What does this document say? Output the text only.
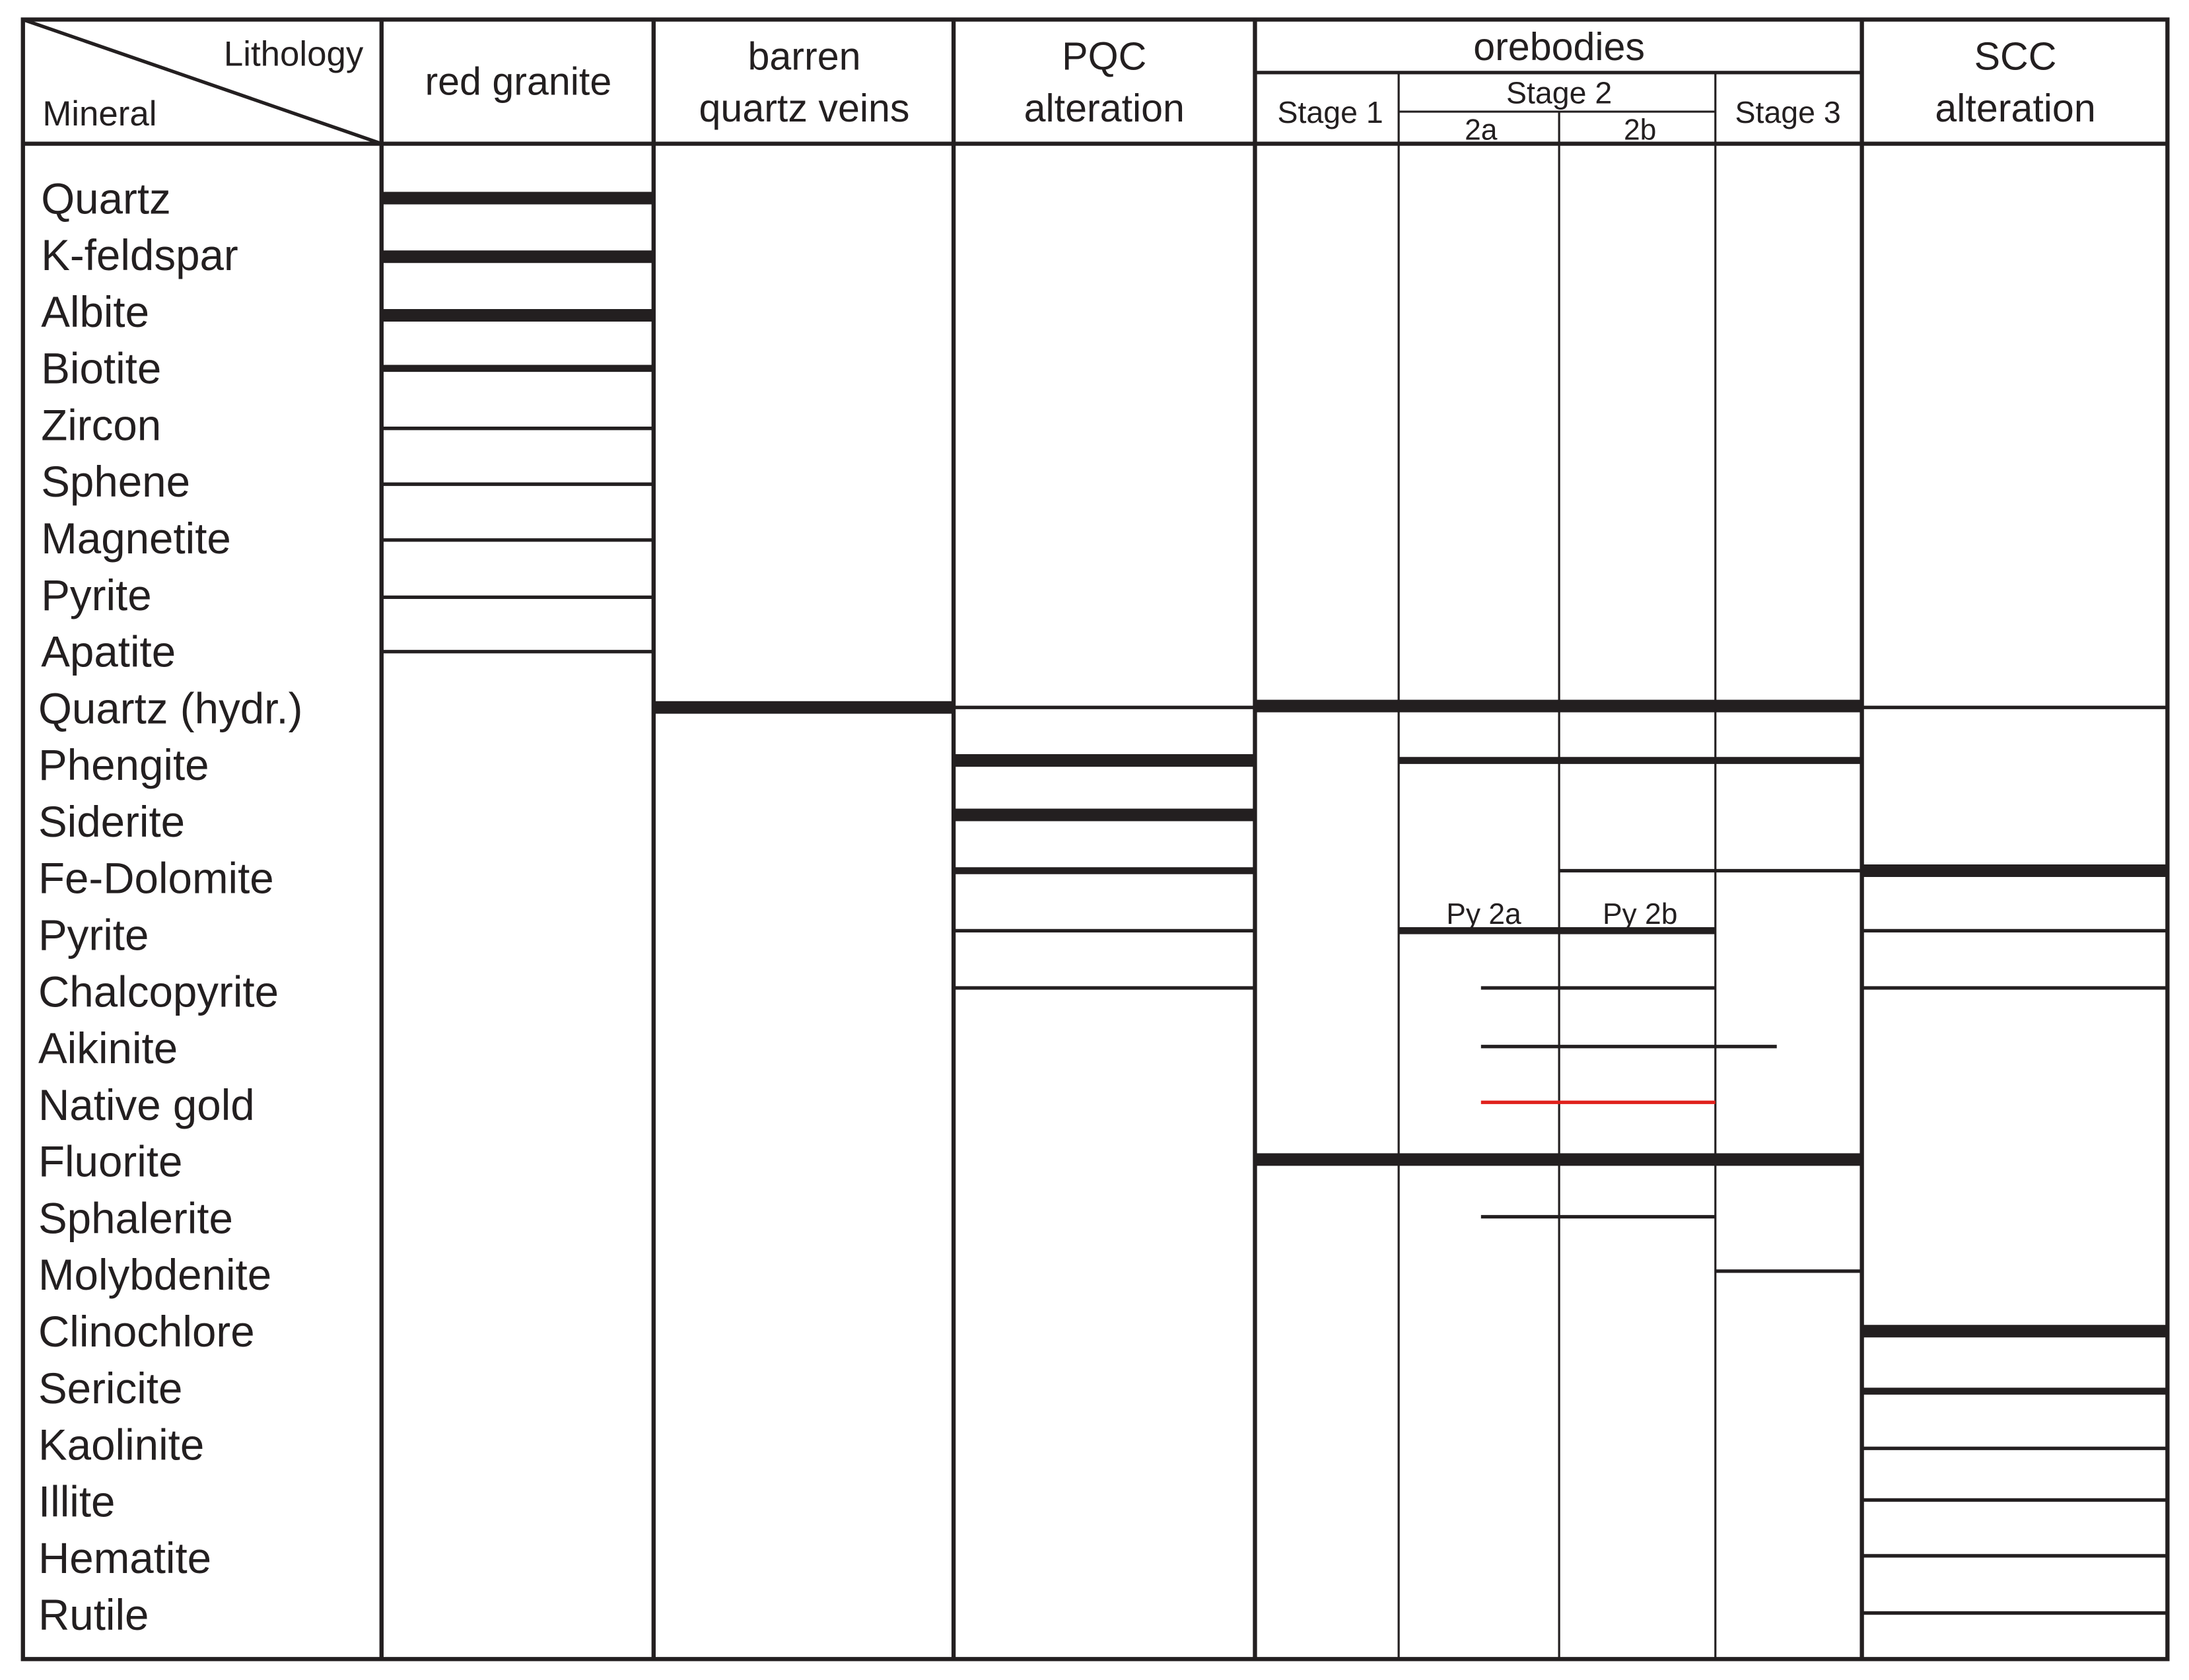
Lithology
Mineral
red granite
barren
quartz veins
PQC
alteration
orebodies
Stage 1
Stage 2
2a	2b
Stage 3
SCC
alteration
Quartz
K-feldspar
Albite
Biotite
Zircon
Sphene
Magnetite
Pyrite
Apatite
Quartz (hydr.)
Phengite
Siderite
Fe-Dolomite
Pyrite
Chalcopyrite
Aikinite
Native gold
Fluorite
Sphalerite
Molybdenite
Clinochlore
Sericite
Kaolinite
Illite
Hematite
Rutile
Py 2a	Py 2b
